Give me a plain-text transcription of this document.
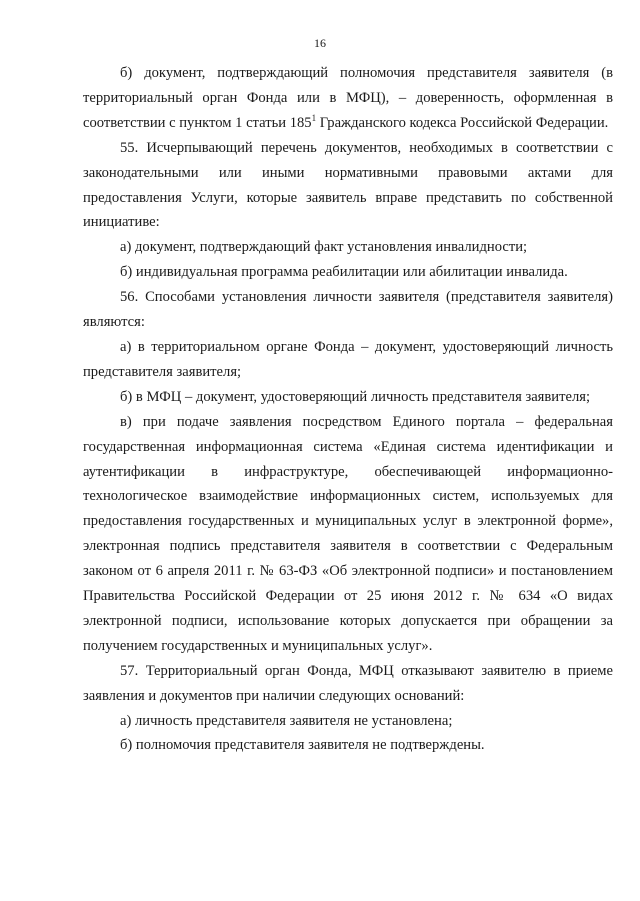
16

б) документ, подтверждающий полномочия представителя заявителя (в территориальный орган Фонда или в МФЦ), – доверенность, оформленная в соответствии с пунктом 1 статьи $185^1$ Гражданского кодекса Российской Федерации.

55. Исчерпывающий перечень документов, необходимых в соответствии с законодательными или иными нормативными правовыми актами для предоставления Услуги, которые заявитель вправе представить по собственной инициативе:

а) документ, подтверждающий факт установления инвалидности;

б) индивидуальная программа реабилитации или абилитации инвалида.

56. Способами установления личности заявителя (представителя заявителя) являются:

а) в территориальном органе Фонда – документ, удостоверяющий личность представителя заявителя;

б) в МФЦ – документ, удостоверяющий личность представителя заявителя;

в) при подаче заявления посредством Единого портала – федеральная государственная информационная система «Единая система идентификации и аутентификации в инфраструктуре, обеспечивающей информационно-технологическое взаимодействие информационных систем, используемых для предоставления государственных и муниципальных услуг в электронной форме», электронная подпись представителя заявителя в соответствии с Федеральным законом от 6 апреля 2011 г. № 63-ФЗ «Об электронной подписи» и постановлением Правительства Российской Федерации от 25 июня 2012 г. № 634 «О видах электронной подписи, использование которых допускается при обращении за получением государственных и муниципальных услуг».

57. Территориальный орган Фонда, МФЦ отказывают заявителю в приеме заявления и документов при наличии следующих оснований:

а) личность представителя заявителя не установлена;

б) полномочия представителя заявителя не подтверждены.
